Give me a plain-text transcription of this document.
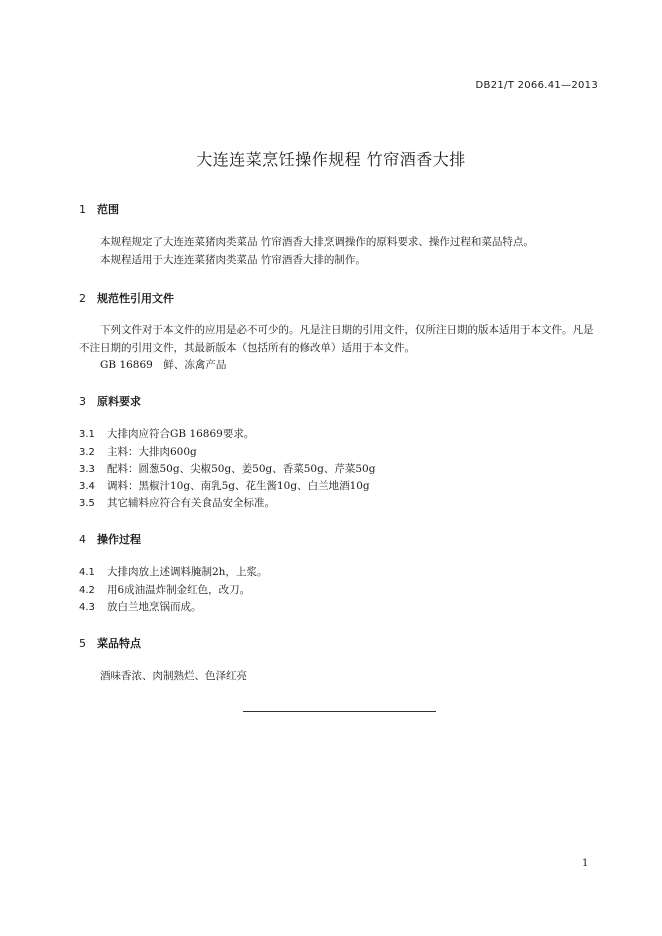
DB21/T 2066.41—2013
大连连菜烹饪操作规程 竹帘酒香大排
1 范围
本规程规定了大连连菜猪肉类菜品 竹帘酒香大排烹调操作的原料要求、操作过程和菜品特点。
本规程适用于大连连菜猪肉类菜品 竹帘酒香大排的制作。
2 规范性引用文件
下列文件对于本文件的应用是必不可少的。凡是注日期的引用文件，仅所注日期的版本适用于本文件。凡是不注日期的引用文件，其最新版本（包括所有的修改单）适用于本文件。
GB 16869　鲜、冻禽产品
3 原料要求
3.1 大排肉应符合GB 16869要求。
3.2 主料：大排肉600g
3.3 配料：圆葱50g、尖椒50g、姜50g、香菜50g、芹菜50g
3.4 调料：黑椒汁10g、南乳5g、花生酱10g、白兰地酒10g
3.5 其它辅料应符合有关食品安全标准。
4 操作过程
4.1 大排肉放上述调料腌制2h，上浆。
4.2 用6成油温炸制金红色，改刀。
4.3 放白兰地烹锅而成。
5 菜品特点
酒味香浓、肉制熟烂、色泽红亮
1
